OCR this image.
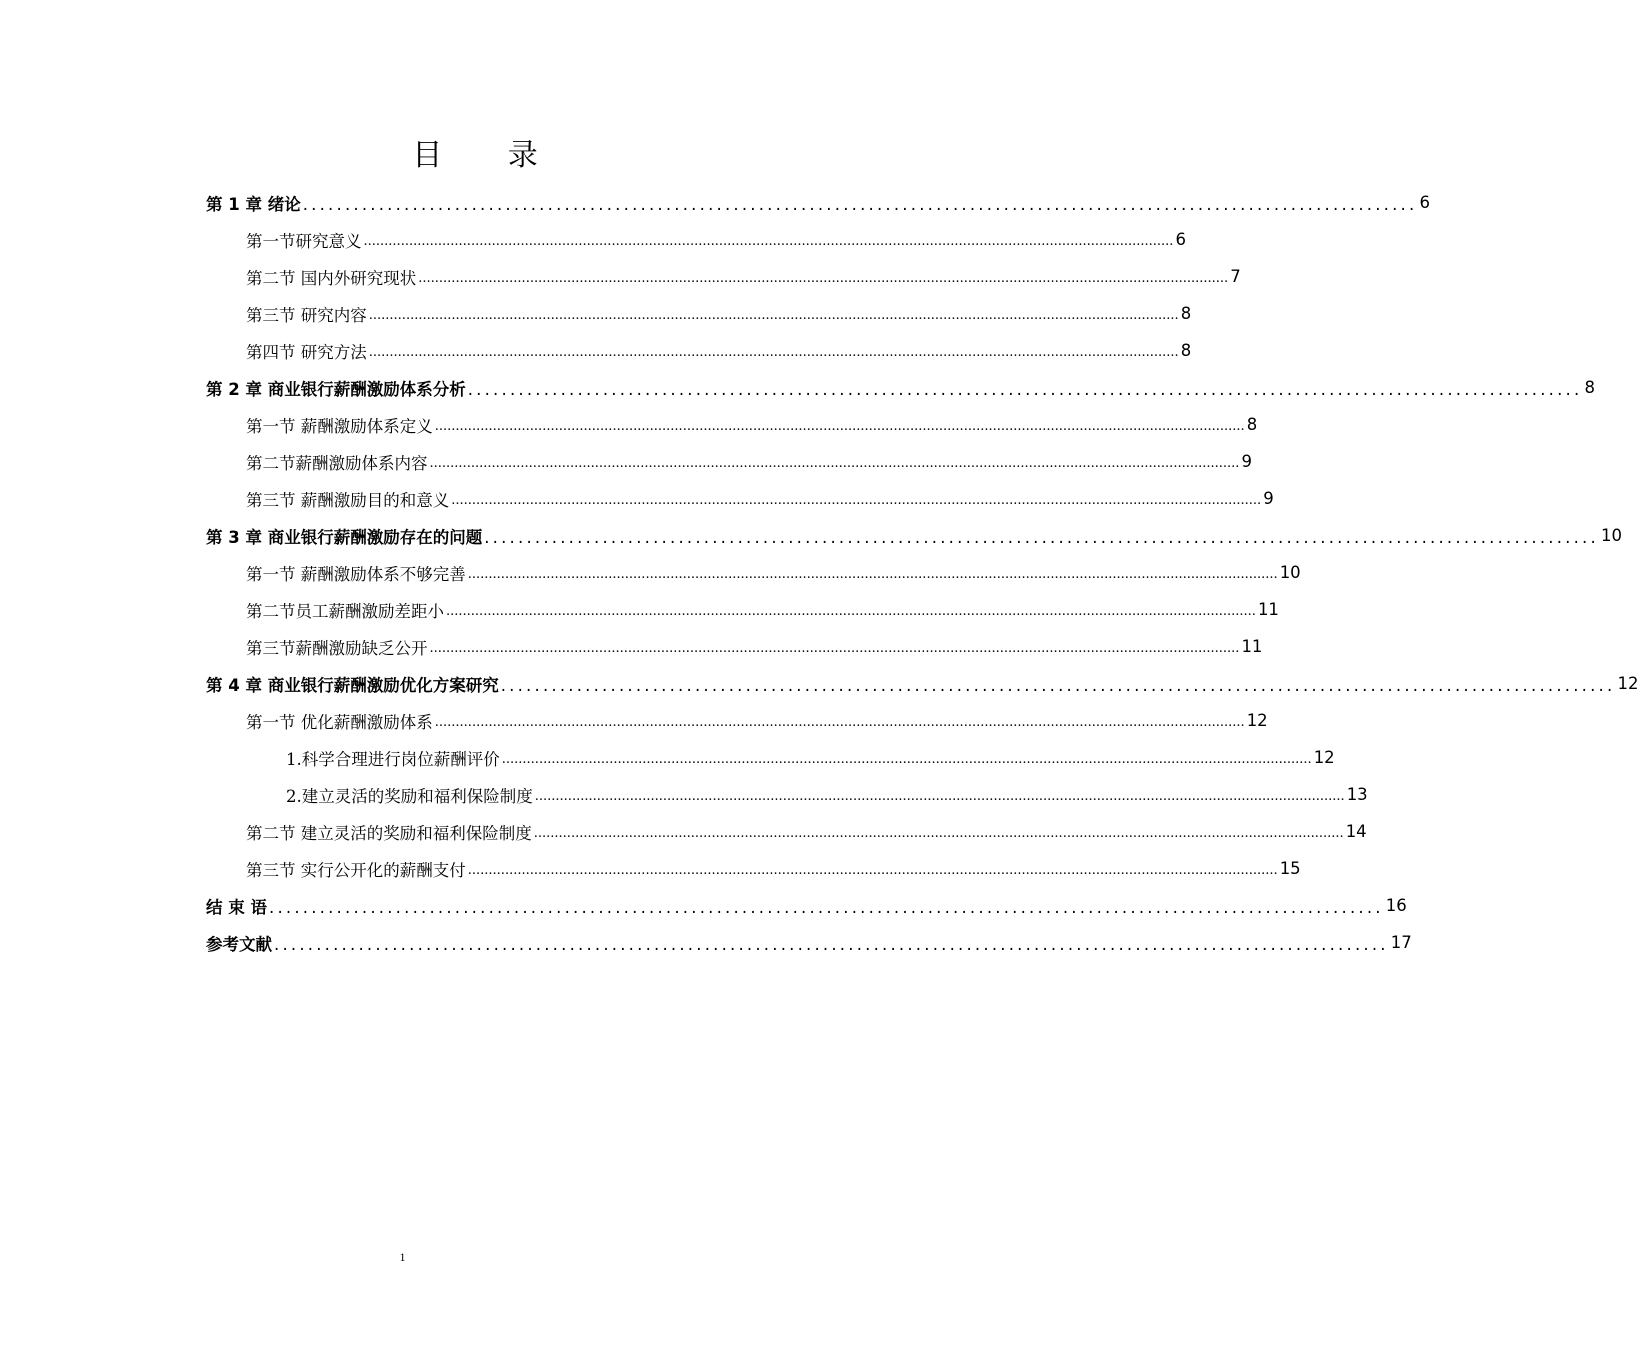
目 录
第 1 章 绪论 .................................................................................................................................... 6
第一节研究意义 .................................................................................................................................................................................................... 6
第二节 国内外研究现状 .................................................................................................................................................................................................... 7
第三节 研究内容 .................................................................................................................................................................................................... 8
第四节 研究方法 .................................................................................................................................................................................................... 8
第 2 章 商业银行薪酬激励体系分析 .................................................................................................................................... 8
第一节 薪酬激励体系定义 .................................................................................................................................................................................................... 8
第二节薪酬激励体系内容 .................................................................................................................................................................................................... 9
第三节 薪酬激励目的和意义 .................................................................................................................................................................................................... 9
第 3 章 商业银行薪酬激励存在的问题 .................................................................................................................................... 10
第一节 薪酬激励体系不够完善 .................................................................................................................................................................................................... 10
第二节员工薪酬激励差距小 .................................................................................................................................................................................................... 11
第三节薪酬激励缺乏公开 .................................................................................................................................................................................................... 11
第 4 章 商业银行薪酬激励优化方案研究 .................................................................................................................................... 12
第一节 优化薪酬激励体系 .................................................................................................................................................................................................... 12
1.科学合理进行岗位薪酬评价 .................................................................................................................................................................................................... 12
2.建立灵活的奖励和福利保险制度 .................................................................................................................................................................................................... 13
第二节 建立灵活的奖励和福利保险制度 .................................................................................................................................................................................................... 14
第三节 实行公开化的薪酬支付 .................................................................................................................................................................................................... 15
结 束 语 .................................................................................................................................... 16
参考文献 .................................................................................................................................... 17
1
